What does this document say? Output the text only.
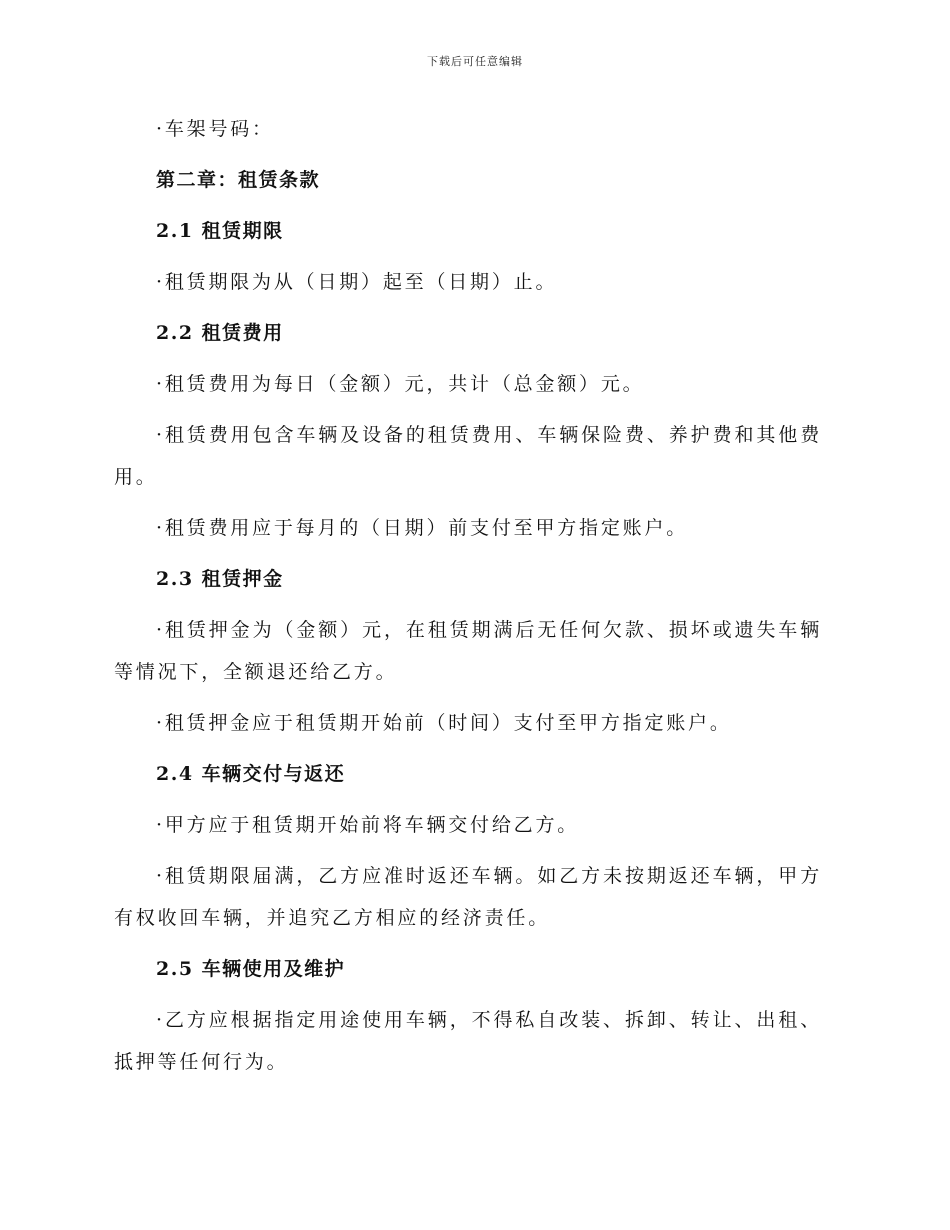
下载后可任意编辑

·车架号码：

第二章：租赁条款
2.1 租赁期限

·租赁期限为从（日期）起至（日期）止。

2.2 租赁费用

·租赁费用为每日（金额）元，共计（总金额）元。

·租赁费用包含车辆及设备的租赁费用、车辆保险费、养护费和其他费用。

·租赁费用应于每月的（日期）前支付至甲方指定账户。

2.3 租赁押金

·租赁押金为（金额）元，在租赁期满后无任何欠款、损坏或遗失车辆等情况下，全额退还给乙方。

·租赁押金应于租赁期开始前（时间）支付至甲方指定账户。

2.4 车辆交付与返还

·甲方应于租赁期开始前将车辆交付给乙方。

·租赁期限届满，乙方应准时返还车辆。如乙方未按期返还车辆，甲方有权收回车辆，并追究乙方相应的经济责任。

2.5 车辆使用及维护

·乙方应根据指定用途使用车辆，不得私自改装、拆卸、转让、出租、抵押等任何行为。
